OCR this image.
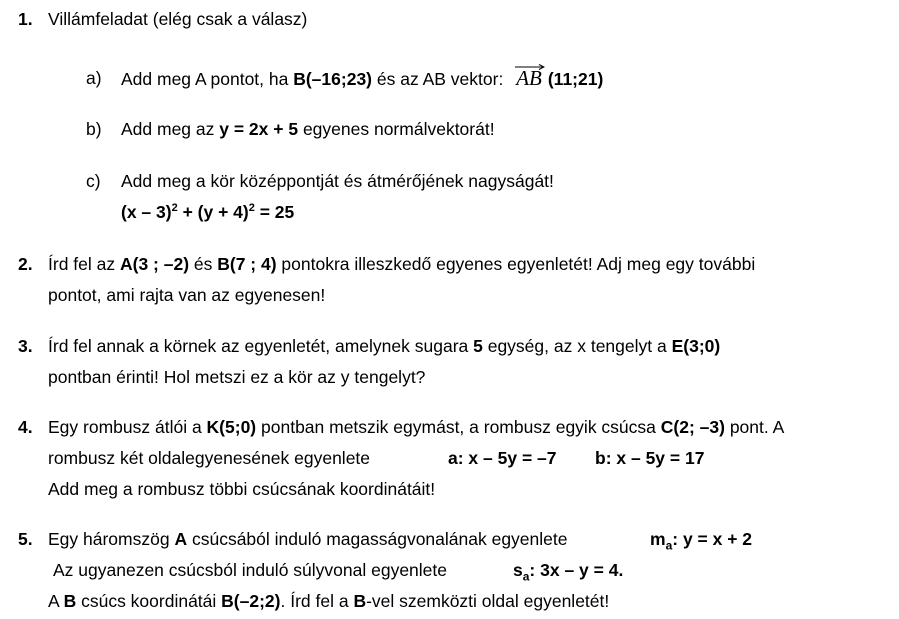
1. Villámfeladat (elég csak a válasz)
a) Add meg A pontot, ha B(–16;23) és az AB vektor: AB (11;21)
b) Add meg az y = 2x + 5 egyenes normálvektorát!
c) Add meg a kör középpontját és átmérőjének nagyságát!
$(x - 3)^2 + (y + 4)^2 = 25$
2. Írd fel az A(3 ; –2) és B(7 ; 4) pontokra illeszkedő egyenes egyenletét! Adj meg egy további
pontot, ami rajta van az egyenesen!
3. Írd fel annak a körnek az egyenletét, amelynek sugara 5 egység, az x tengelyt a E(3;0)
pontban érinti! Hol metszi ez a kör az y tengelyt?
4. Egy rombusz átlói a K(5;0) pontban metszik egymást, a rombusz egyik csúcsa C(2; –3) pont. A
rombusz két oldalegyenesének egyenlete	a: x – 5y = –7 b: x – 5y = 17
Add meg a rombusz többi csúcsának koordinátáit!
5. Egy háromszög A csúcsából induló magasságvonalának egyenlete	$m_a$: y = x + 2
Az ugyanezen csúcsból induló súlyvonal egyenlete	$s_a$: 3x – y = 4.
A B csúcs koordinátái B(–2;2). Írd fel a B-vel szemközti oldal egyenletét!
